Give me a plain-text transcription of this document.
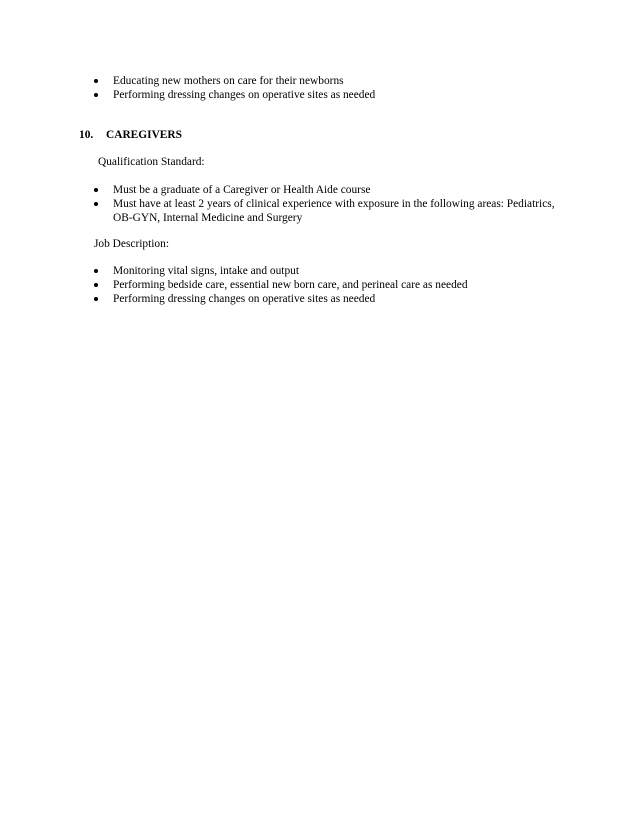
Educating new mothers on care for their newborns
Performing dressing changes on operative sites as needed
10. CAREGIVERS
Qualification Standard:
Must be a graduate of a Caregiver or Health Aide course
Must have at least 2 years of clinical experience with exposure in the following areas: Pediatrics, OB-GYN, Internal Medicine and Surgery
Job Description:
Monitoring vital signs, intake and output
Performing bedside care, essential new born care, and perineal care as needed
Performing dressing changes on operative sites as needed
